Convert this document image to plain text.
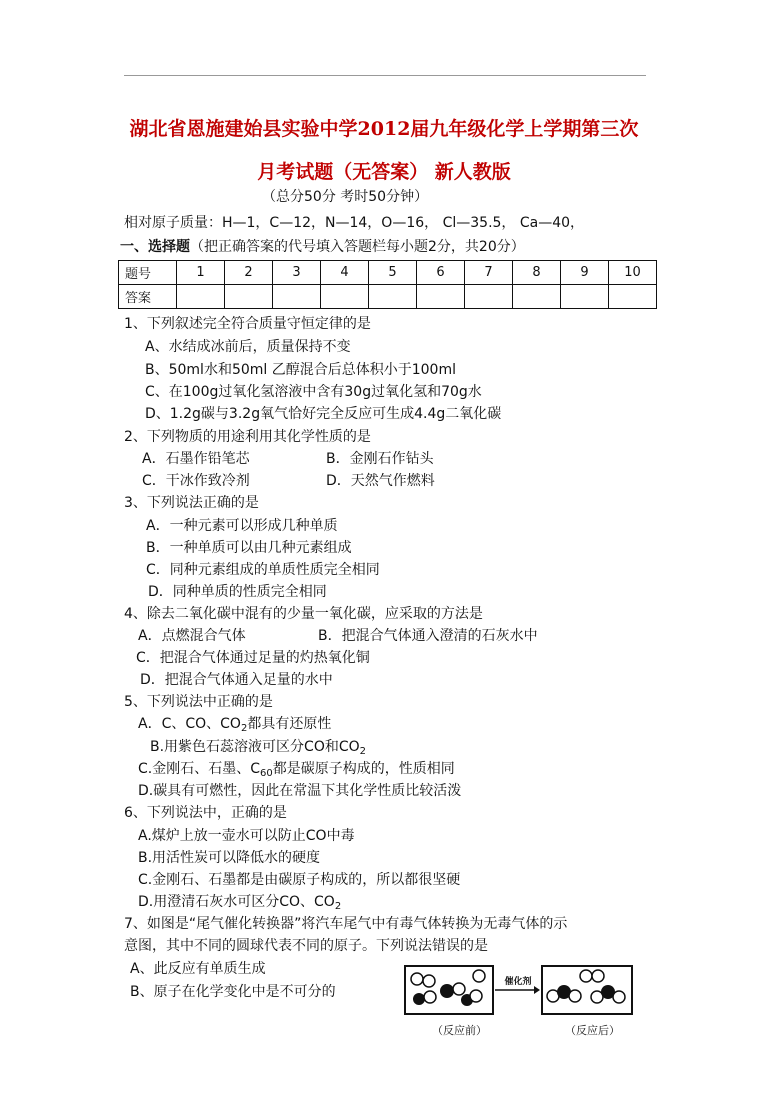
湖北省恩施建始县实验中学2012届九年级化学上学期第三次
月考试题（无答案） 新人教版
（总分50分 考时50分钟）
相对原子质量：H—1，C—12，N—14，O—16， Cl—35.5， Ca—40，
一、选择题（把正确答案的代号填入答题栏每小题2分，共20分）
题号	1	2	3	4	5	6	7	8	9	10
答案										
1、下列叙述完全符合质量守恒定律的是
A、水结成冰前后，质量保持不变
B、50ml水和50ml 乙醇混合后总体积小于100ml
C、在100g过氧化氢溶液中含有30g过氧化氢和70g水
D、1.2g碳与3.2g氧气恰好完全反应可生成4.4g二氧化碳
2、下列物质的用途利用其化学性质的是
A．石墨作铅笔芯	B．金刚石作钻头
C．干冰作致冷剂	D．天然气作燃料
3、下列说法正确的是
A．一种元素可以形成几种单质
B．一种单质可以由几种元素组成
C．同种元素组成的单质性质完全相同
D．同种单质的性质完全相同
4、除去二氧化碳中混有的少量一氧化碳，应采取的方法是
A．点燃混合气体	B．把混合气体通入澄清的石灰水中
C．把混合气体通过足量的灼热氧化铜
D．把混合气体通入足量的水中
5、下列说法中正确的是
A．C、CO、$CO_2$都具有还原性
B.用紫色石蕊溶液可区分CO和$CO_2$
C.金刚石、石墨、$C_{60}$都是碳原子构成的，性质相同
D.碳具有可燃性，因此在常温下其化学性质比较活泼
6、下列说法中，正确的是
A.煤炉上放一壶水可以防止CO中毒
B.用活性炭可以降低水的硬度
C.金刚石、石墨都是由碳原子构成的，所以都很坚硬
D.用澄清石灰水可区分CO、$CO_2$
7、如图是“尾气催化转换器”将汽车尾气中有毒气体转换为无毒气体的示
意图，其中不同的圆球代表不同的原子。下列说法错误的是
A、此反应有单质生成
B、原子在化学变化中是不可分的
催化剂
（反应前）	（反应后）
